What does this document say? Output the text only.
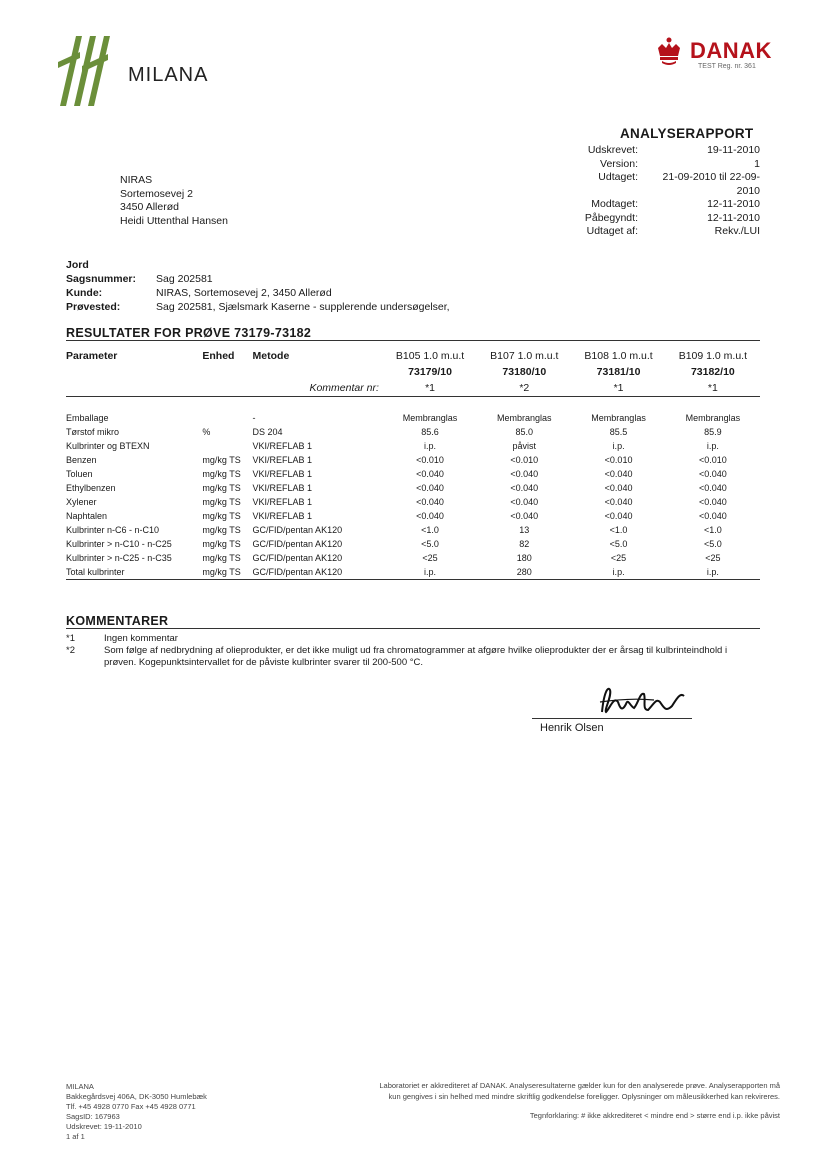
MILANA
DANAK
TEST Reg. nr. 361
ANALYSERAPPORT
Udskrevet:	19-11-2010
Version:	1
Udtaget:	21-09-2010 til 22-09-2010
Modtaget:	12-11-2010
Påbegyndt:	12-11-2010
Udtaget af:	Rekv./LUI
NIRAS
Sortemosevej 2
3450 Allerød
Heidi Uttenthal Hansen
Jord
Sagsnummer:	Sag 202581
Kunde:	NIRAS, Sortemosevej 2, 3450 Allerød
Prøvested:	Sag 202581, Sjælsmark Kaserne - supplerende undersøgelser,
RESULTATER FOR PRØVE 73179-73182
Parameter	Enhed	Metode	B105 1.0 m.u.t	B107 1.0 m.u.t	B108 1.0 m.u.t	B109 1.0 m.u.t
			73179/10	73180/10	73181/10	73182/10
Kommentar nr:			*1	*2	*1	*1

Emballage		-	Membranglas	Membranglas	Membranglas	Membranglas
Tørstof mikro	%	DS 204	85.6	85.0	85.5	85.9
Kulbrinter og BTEXN		VKI/REFLAB 1	i.p.	påvist	i.p.	i.p.
Benzen	mg/kg TS	VKI/REFLAB 1	<0.010	<0.010	<0.010	<0.010
Toluen	mg/kg TS	VKI/REFLAB 1	<0.040	<0.040	<0.040	<0.040
Ethylbenzen	mg/kg TS	VKI/REFLAB 1	<0.040	<0.040	<0.040	<0.040
Xylener	mg/kg TS	VKI/REFLAB 1	<0.040	<0.040	<0.040	<0.040
Naphtalen	mg/kg TS	VKI/REFLAB 1	<0.040	<0.040	<0.040	<0.040
Kulbrinter n-C6 - n-C10	mg/kg TS	GC/FID/pentan AK120	<1.0	13	<1.0	<1.0
Kulbrinter > n-C10 - n-C25	mg/kg TS	GC/FID/pentan AK120	<5.0	82	<5.0	<5.0
Kulbrinter > n-C25 - n-C35	mg/kg TS	GC/FID/pentan AK120	<25	180	<25	<25
Total kulbrinter	mg/kg TS	GC/FID/pentan AK120	i.p.	280	i.p.	i.p.
KOMMENTARER
*1	Ingen kommentar
*2	Som følge af nedbrydning af olieprodukter, er det ikke muligt ud fra chromatogrammer at afgøre hvilke olieprodukter der er årsag til kulbrinteindhold i prøven. Kogepunktsintervallet for de påviste kulbrinter svarer til 200-500 °C.
Henrik Olsen
MILANA
Bakkegårdsvej 406A, DK-3050 Humlebæk
Tlf. +45 4928 0770 Fax +45 4928 0771
SagsID: 167963
Udskrevet: 19-11-2010
1 af 1
Laboratoriet er akkrediteret af DANAK. Analyseresultaterne gælder kun for den analyserede prøve. Analyserapporten må
kun gengives i sin helhed med mindre skriftlig godkendelse foreligger. Oplysninger om måleusikkerhed kan rekvireres.
Tegnforklaring: # ikke akkrediteret < mindre end > større end i.p. ikke påvist
